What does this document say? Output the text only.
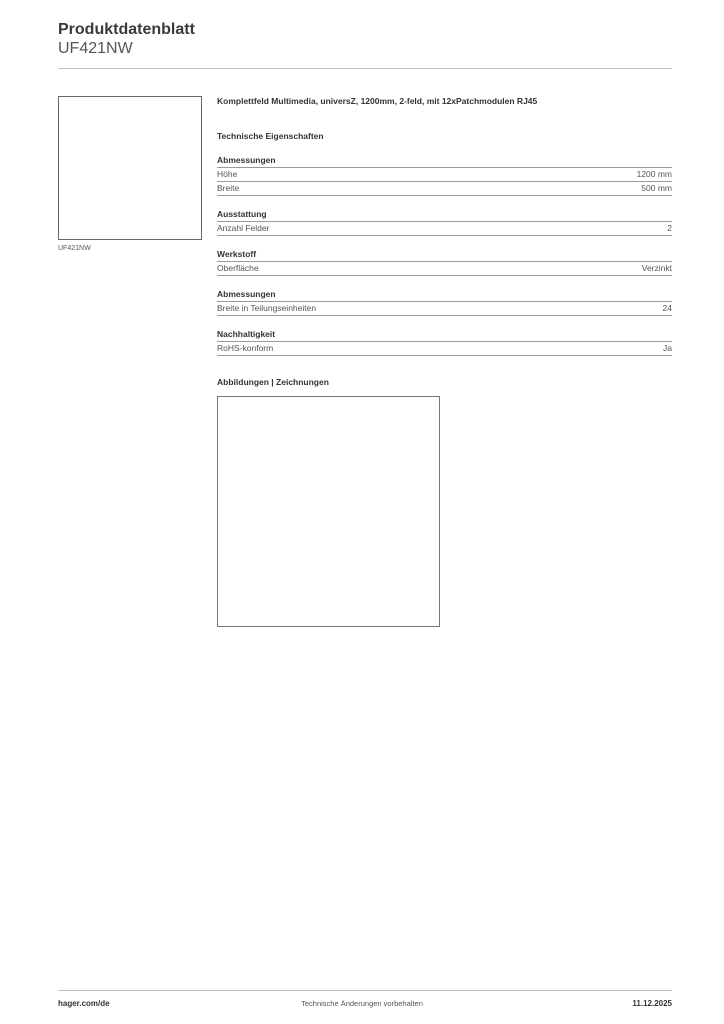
Produktdatenblatt
UF421NW
UF421NW
Komplettfeld Multimedia, universZ, 1200mm, 2-feld, mit 12xPatchmodulen RJ45
Technische Eigenschaften
Abmessungen
Höhe	1200 mm
Breite	500 mm
Ausstattung
Anzahl Felder	2
Werkstoff
Oberfläche	Verzinkt
Abmessungen
Breite in Teilungseinheiten	24
Nachhaltigkeit
RoHS-konform	Ja
Abbildungen | Zeichnungen
Technische Änderungen vorbehalten
hager.com/de	11.12.2025
